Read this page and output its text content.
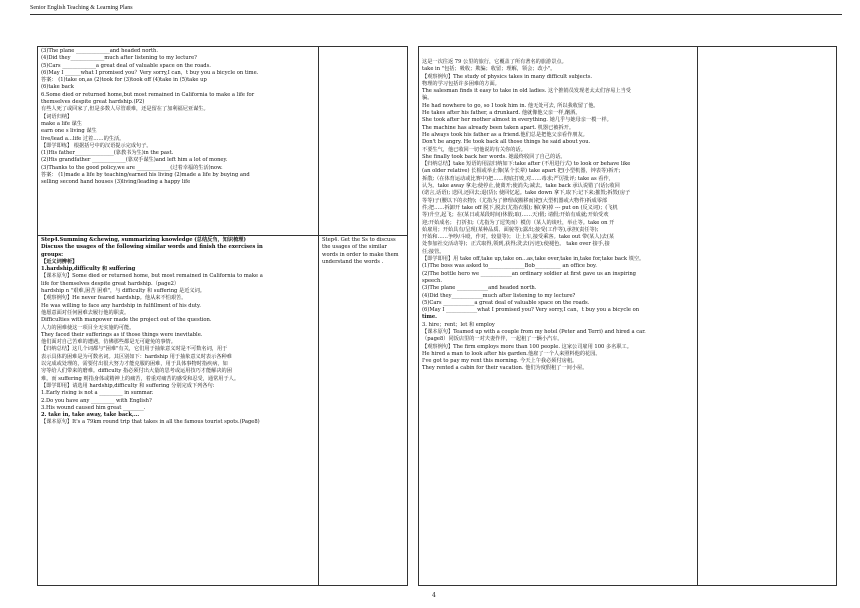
Senior English Teaching & Learning Plans

(3)The plane _____________and headed north.

(4)Did they_____________much after listening to my lecture?

(5)Cars _____________a great deal of valuable space on the roads.

(6)May I ______what I promised you？Very sorry,I can，t buy you a bicycle on time.

答案： (1)take on,as (2)took for (3)took off (4)take in (5)take up

(6)take back

6.Some died or returned home,but most remained in California to make a life for

themselves despite great hardship.(P2)

有些人死了或回家了,但是多数人尽管艰难，还是留在了加利福尼亚谋生。

【词语归纳】

make a life 谋生

earn one s living 谋生

live/lead a...life 过着……的生活。

【即学即练】 根据括号中的汉语提示完成句子。

(1)His father_______________(靠教书为生)in the past.

(2)His grandfather _____________(靠双手谋生)and left him a lot of money.

(3)Thanks to the good policy,we are _____________(过着幸福的生活)now.

答案： (1)made a life by teaching/earned his living (2)made a life by buying and

selling second hand houses (3)living/leading a happy life

Step4.Summing &chewing, summarizing knowledge (总结反刍，知识梳理)

Discuss the usages of the following similar words and finish the exercises in

groups:

【近义词辨析】

1.hardship,difficulty 和 suffering

【课本原句】Some died or returned home, but most remained in California to make a

life for themselves despite great hardship.（page2）

hardship n "艰难,困苦 困难"，与 difficulty 和 suffering 是近义词。

【观察例句】He never feared hardship。他从来不怕艰苦。

He was willing to face any hardship in fulfillment of his duty.

他愿意面对任何困难去履行他的职责。

Difficulties with manpower made the project out of the question.

人力的困难使这一项目全无实施的可能。

They faced their sufferings as if those things were inevitable.

他们面对自己苦难的遭遇，仿佛那些都是无可避免的事情。

【归纳总结】这几个词都与"困难"有关，它们用于抽象意义时是不可数名词，用于

表示具体的困难是为可数名词。其区别如下：hardship 用于抽象意义时表示各种难

以完成或处理的，需要付出很大努力才能克服的困难，用于具体事物时指疾病，如

穷等给人们带来的磨难。difficulty 指必须付出大量的思考或运用技巧才能解决的困

难。而 suffering 则指身体或精神上的痛苦，着重对痛苦的感受和忍受，通常用于人。

【即学即用】请选用 hardship,difficulty 和 suffering 分别完成下列各句:

1.Early rising is not a _________ in summar.

2.Do you have any _________ with English?

3.His wound caused him great ________.

2. take in, take away, take back,...

【课本原句】It's a 79km round trip that takes in all the famous tourist spots.(Page8)

Step4. Get the Ss to discuss the usages of the similar words in order to make them understand the words .

这是一次往返 79 公里的旅行，它覆盖了所有著名的旅游景点。

take in "包括；吸收；欺骗；收留；理解，领会；改小"。

【观察例句】The study of physics takes in many difficult subjects.

物理的学习包括许多困难的方面。

The salesman finds it easy to take in old ladies. 这个推销员发现老太太们容易上当受

骗。

He had nowhere to go, so I took him in. 他无处可去, 所以我收留了他。

He takes after his father, a drunkard. 他就像他父亲一样,酗酒。

She took after her mother almost in everything. 她几乎与她母亲一模一样。

The machine has already been taken apart. 机器已被拆开。

He always took his father as a friend.他们总是把他父亲看作朋友。

Don't be angry. He took back all those things he said about you.

不要生气，他已收回一切他说的有关你的话。

She finally took back her words. 她最终收回了自己的话。

【归纳总结】take 短语的用法归纳如下:take after (不用进行式) to look or behave like

(an older relative) 长相或举止像(某个长辈) take apart 把(小型机器，钟表等)拆开;

拆散;（在体育运动或比赛中)把……彻底打败,对……毒求;严厉批评; take as 看作,

认为。take away 拿走;使停止,使离开;使消失;减去。take back 承认说错了(话);收回

(诺言,话语); 送回,还回去;退(货); 使回忆起。take down 拿下,取下;记下来;摧毁;拆毁(房子

等等)子(腰以下的衣物);（尤指为了修理或搬移而)把(大型机器或大物件)拆成零部

件;把……拆卸开 take off 脱下,脱去(尤指衣服); 解(拿)掉 --- put on (反义词)；(飞机

等)升空,起飞；在(某日或某段时间)休假;取(……天)假; 请假;开始有成就;开始受欢

迎;开始成名； 打折扣;（尤指为了逗笑而）模仿（某人的谈吐，举止等。take on 开

始雇用；开始具有/呈现(某种品质、面貌等);露出;接受(工作等),承担(责任等);

开始和……争吵/斗殴，作对，较量等)； 让上车,接受乘客。take out 带(某人)去(某

处参加社交活动等)；正式取得,领到,获得;洗去(污迹);使褪色。 take over 接手,接

任;接管。

【即学即用】用 take off,take up,take on...as,take over,take in,take for,take back 填空。

(1)The boss was asked to______________Bob__________ an office boy.

(2)The bottle hero we ____________an ordinary soldier at first gave us an inspiring

speech.

(3)The plane ____________and headed north.

(4)Did they____________much after listening to my lecture?

(5)Cars ____________a great deal of valuable space on the roads.

(6)May I ____________what I promised you? Very sorry,I can，t buy you a bicycle on

time.

3. hire；rent；let 和 employ

【课本原句】Teamed up with a couple from my hotel (Peter and Terri) and hired a car.

（page8）同饭店里的一对夫妻作伴，一起租了一辆小汽车。

【观察例句】The firm employs more than 100 people. 这家公司雇用 100 多名职工。

He hired a man to look after his garden.他雇了一个人来照料他的花园。

I've got to pay my rent this morning. 今天上午我必须付房租。

They rented a cabin for their vacation. 他们为度假租了一间小屋。

4
